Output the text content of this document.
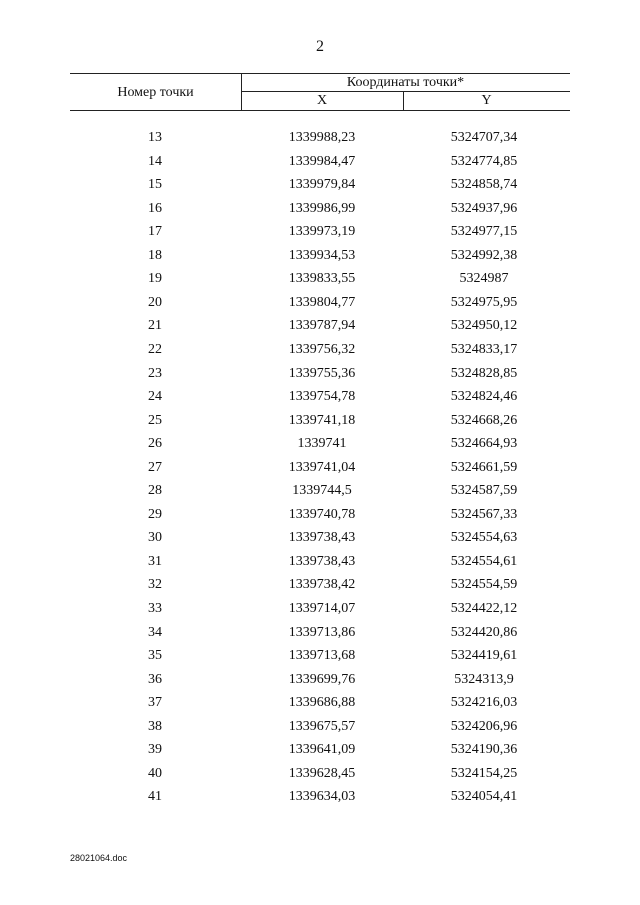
2
Номер точки
Координаты точки*
X	Y
13	1339988,23	5324707,34
14	1339984,47	5324774,85
15	1339979,84	5324858,74
16	1339986,99	5324937,96
17	1339973,19	5324977,15
18	1339934,53	5324992,38
19	1339833,55	5324987
20	1339804,77	5324975,95
21	1339787,94	5324950,12
22	1339756,32	5324833,17
23	1339755,36	5324828,85
24	1339754,78	5324824,46
25	1339741,18	5324668,26
26	1339741	5324664,93
27	1339741,04	5324661,59
28	1339744,5	5324587,59
29	1339740,78	5324567,33
30	1339738,43	5324554,63
31	1339738,43	5324554,61
32	1339738,42	5324554,59
33	1339714,07	5324422,12
34	1339713,86	5324420,86
35	1339713,68	5324419,61
36	1339699,76	5324313,9
37	1339686,88	5324216,03
38	1339675,57	5324206,96
39	1339641,09	5324190,36
40	1339628,45	5324154,25
41	1339634,03	5324054,41
28021064.doc
